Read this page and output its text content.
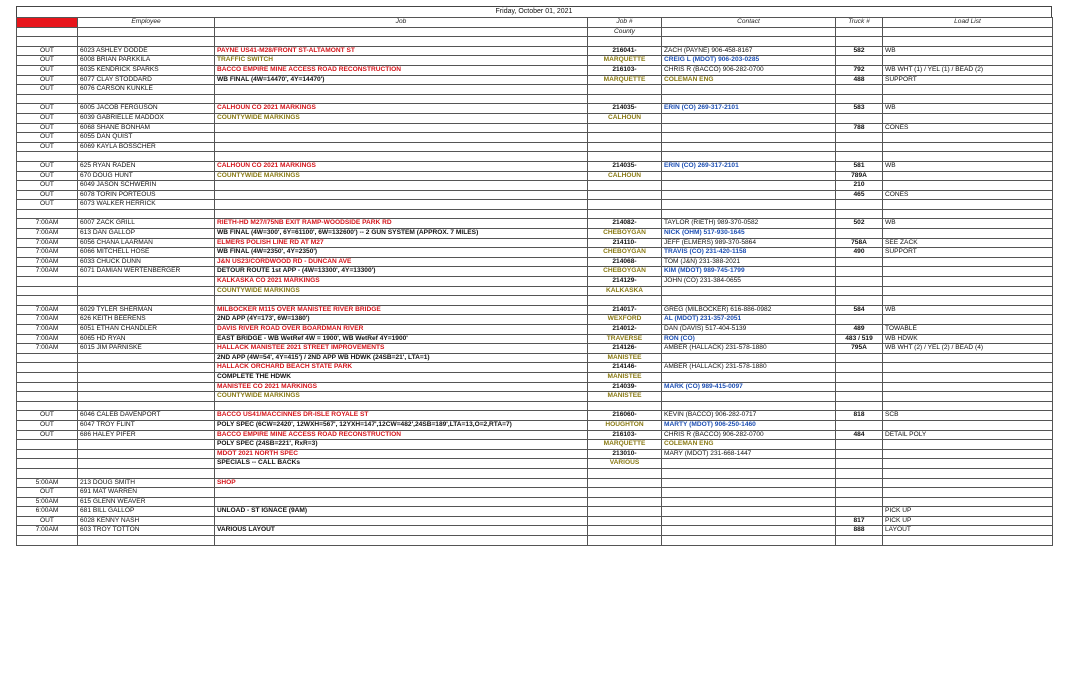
Friday, October 01, 2021
Time	Employee	Job	Job #	Contact	Truck #	Load List
			County			

OUT	6023 ASHLEY DODDE	PAYNE US41-M28/FRONT ST-ALTAMONT ST	216041-	ZACH (PAYNE) 906-458-8167	582	WB
OUT	6008 BRIAN PARKKILA	TRAFFIC SWITCH	MARQUETTE	CREIG L (MDOT) 906-203-0285		
OUT	6035 KENDRICK SPARKS	BACCO EMPIRE MINE ACCESS ROAD RECONSTRUCTION	216103-	CHRIS R (BACCO) 906-282-0700	792	WB WHT (1) / YEL (1) / BEAD (2)
OUT	6077 CLAY STODDARD	WB FINAL (4W=14470', 4Y=14470')	MARQUETTE	COLEMAN ENG	488	SUPPORT
OUT	6076 CARSON KUNKLE					

OUT	6005 JACOB FERGUSON	CALHOUN CO 2021 MARKINGS	214035-	ERIN (CO) 269-317-2101	583	WB
OUT	6039 GABRIELLE MADDOX	COUNTYWIDE MARKINGS	CALHOUN			
OUT	6068 SHANE BONHAM				788	CONES
OUT	6055 DAN QUIST					
OUT	6069 KAYLA BOSSCHER					

OUT	625 RYAN RADEN	CALHOUN CO 2021 MARKINGS	214035-	ERIN (CO) 269-317-2101	581	WB
OUT	670 DOUG HUNT	COUNTYWIDE MARKINGS	CALHOUN		789A	
OUT	6049 JASON SCHWERIN				210	
OUT	6078 TORIN PORTEOUS				465	CONES
OUT	6073 WALKER HERRICK					

7:00AM	6007 ZACK GRILL	RIETH-HD M27/I75NB EXIT RAMP-WOODSIDE PARK RD	214082-	TAYLOR (RIETH) 989-370-0582	502	WB
7:00AM	613 DAN GALLOP	WB FINAL (4W=300', 6Y=61100', 6W=132600') -- 2 GUN SYSTEM (APPROX. 7 MILES)	CHEBOYGAN	NICK (OHM) 517-930-1645		
7:00AM	6056 CHANA LAARMAN	ELMERS POLISH LINE RD AT M27	214110-	JEFF (ELMERS) 989-370-5864	758A	SEE ZACK
7:00AM	6066 MITCHELL HOSE	WB FINAL (4W=2350', 4Y=2350')	CHEBOYGAN	TRAVIS (CO) 231-420-1158	490	SUPPORT
7:00AM	6033 CHUCK DUNN	J&N US23/CORDWOOD RD - DUNCAN AVE	214068-	TOM (J&N) 231-388-2021		
7:00AM	6071 DAMIAN WERTENBERGER	DETOUR ROUTE 1st APP - (4W=13300', 4Y=13300')	CHEBOYGAN	KIM (MDOT) 989-745-1799		
		KALKASKA CO 2021 MARKINGS	214129-	JOHN (CO) 231-384-0655		
		COUNTYWIDE MARKINGS	KALKASKA			

7:00AM	6029 TYLER SHERMAN	MILBOCKER M115 OVER MANISTEE RIVER BRIDGE	214017-	GREG (MILBOCKER) 616-886-0982	584	WB
7:00AM	626 KEITH BEERENS	2ND APP (4Y=173', 6W=1380')	WEXFORD	AL (MDOT) 231-357-2051		
7:00AM	6051 ETHAN CHANDLER	DAVIS RIVER ROAD OVER BOARDMAN RIVER	214012-	DAN (DAVIS) 517-404-5139	489	TOWABLE
7:00AM	6065 HD RYAN	EAST BRIDGE - WB WetRef 4W = 1900', WB WetRef 4Y=1900'	TRAVERSE	RON (CO)	483 / 519	WB HDWK
7:00AM	6015 JIM PARNISKE	HALLACK MANISTEE 2021 STREET IMPROVEMENTS	214126-	AMBER (HALLACK) 231-578-1880	795A	WB WHT (2) / YEL (2) / BEAD (4)
		2ND APP (4W=54', 4Y=415') / 2ND APP WB HDWK (24SB=21', LTA=1)	MANISTEE			
		HALLACK ORCHARD BEACH STATE PARK	214146-	AMBER (HALLACK) 231-578-1880		
		COMPLETE THE HDWK	MANISTEE			
		MANISTEE CO 2021 MARKINGS	214039-	MARK (CO) 989-415-0097		
		COUNTYWIDE MARKINGS	MANISTEE			

OUT	6046 CALEB DAVENPORT	BACCO US41/MACCINNES DR-ISLE ROYALE ST	216060-	KEVIN (BACCO) 906-282-0717	818	SCB
OUT	6047 TROY FLINT	POLY SPEC (6CW=2420', 12WXH=567', 12YXH=147',12CW=482',24SB=189',LTA=13,O=2,RTA=7)	HOUGHTON	MARTY (MDOT) 906-250-1460		
OUT	686 HALEY PIFER	BACCO EMPIRE MINE ACCESS ROAD RECONSTRUCTION	216103-	CHRIS R (BACCO) 906-282-0700	484	DETAIL POLY
		POLY SPEC (24SB=221', RxR=3)	MARQUETTE	COLEMAN ENG		
		MDOT 2021 NORTH SPEC	213010-	MARY (MDOT) 231-668-1447		
		SPECIALS -- CALL BACKs	VARIOUS			

5:00AM	213 DOUG SMITH	SHOP				
OUT	691 MAT WARREN					
5:00AM	615 GLENN WEAVER					
6:00AM	681 BILL GALLOP	UNLOAD - ST IGNACE (9AM)				PICK UP
OUT	6028 KENNY NASH				817	PICK UP
7:00AM	603 TROY TOTTON	VARIOUS LAYOUT			888	LAYOUT
